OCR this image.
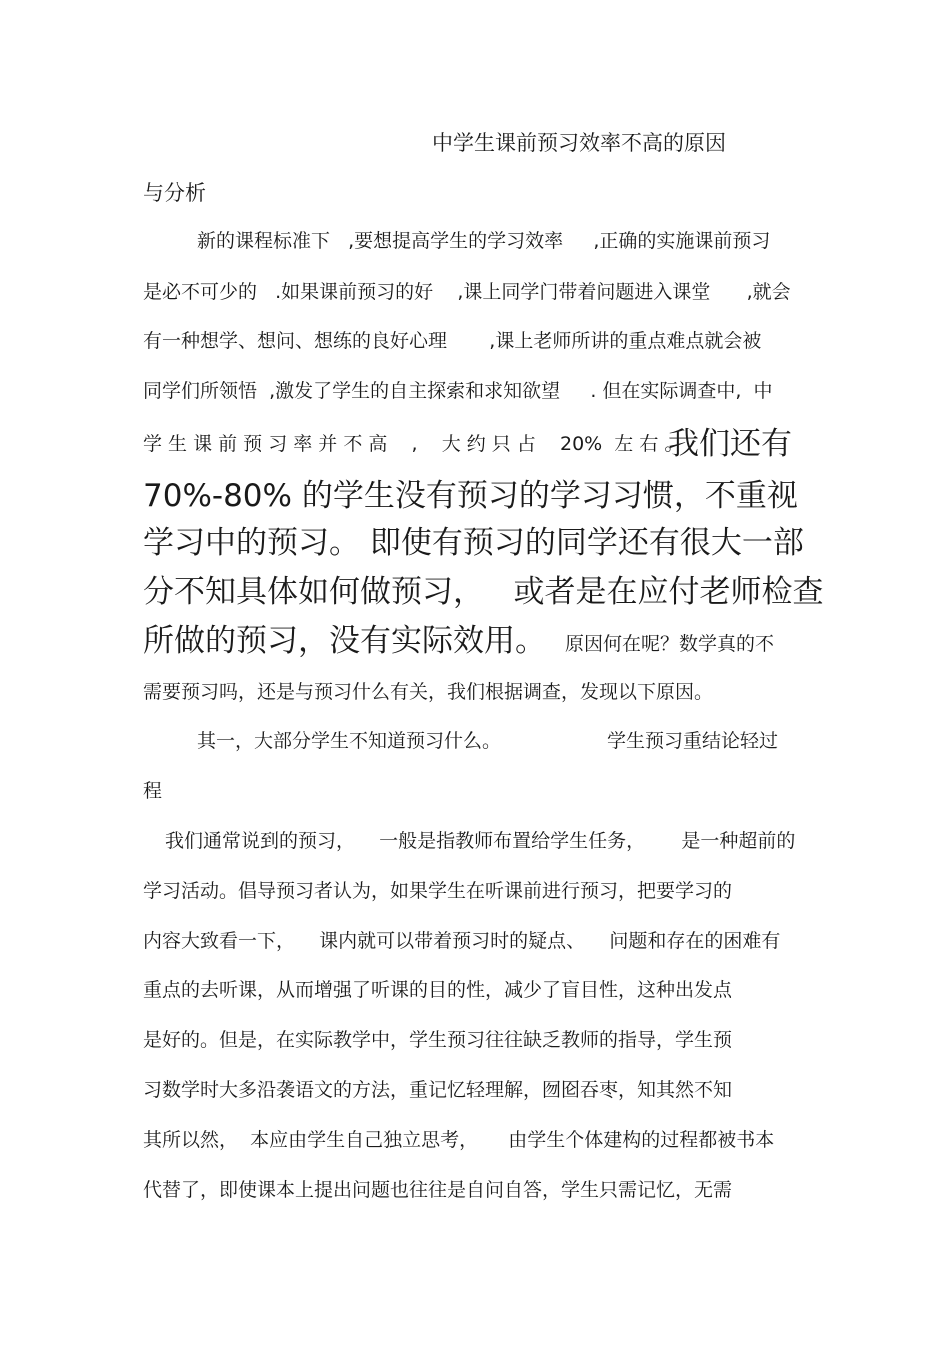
中学生课前预习效率不高的原因
与分析
新的课程标准下   ,要想提高学生的学习效率     ,正确的实施课前预习
是必不可少的   .如果课前预习的好    ,课上同学门带着问题进入课堂      ,就会
有一种想学、想问、想练的良好心理       ,课上老师所讲的重点难点就会被
同学们所领悟  ,激发了学生的自主探索和求知欲望     . 但在实际调查中,  中
学 生 课 前 预 习 率 并 不 高    ,    大 约 只 占    20%  左 右 。
我们还有
70%-80% 的学生没有预习的学习习惯，不重视
学习中的预习。 即使有预习的同学还有很大一部
分不知具体如何做预习，   或者是在应付老师检查
所做的预习，没有实际效用。 原因何在呢？数学真的不
需要预习吗，还是与预习什么有关，我们根据调查，发现以下原因。
其一，大部分学生不知道预习什么。	学生预习重结论轻过
程
我们通常说到的预习，    一般是指教师布置给学生任务，      是一种超前的
学习活动。倡导预习者认为，如果学生在听课前进行预习，把要学习的
内容大致看一下，    课内就可以带着预习时的疑点、    问题和存在的困难有
重点的去听课，从而增强了听课的目的性，减少了盲目性，这种出发点
是好的。但是，在实际教学中，学生预习往往缺乏教师的指导，学生预
习数学时大多沿袭语文的方法，重记忆轻理解，囫囵吞枣，知其然不知
其所以然，  本应由学生自己独立思考，     由学生个体建构的过程都被书本
代替了，即使课本上提出问题也往往是自问自答，学生只需记忆，无需
